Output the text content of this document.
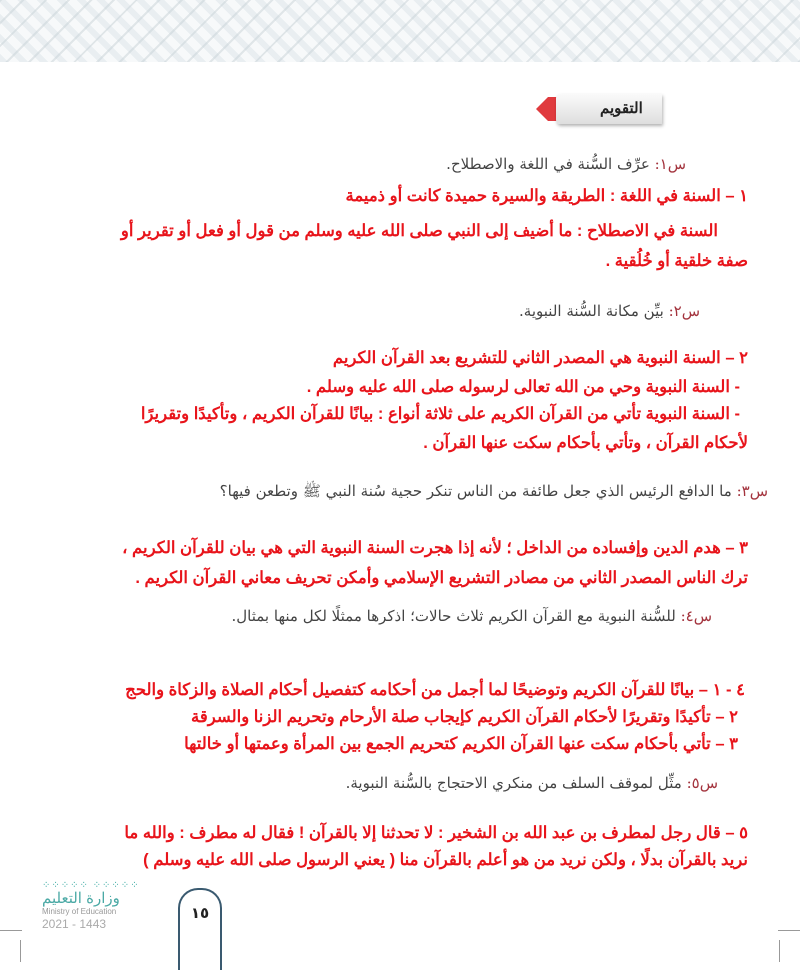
التقويم
س١: عرِّف السُّنة في اللغة والاصطلاح.
١ – السنة في اللغة : الطريقة والسيرة حميدة كانت أو ذميمة
السنة في الاصطلاح : ما أضيف إلى النبي صلى الله عليه وسلم من قول أو فعل أو تقرير أو
صفة خلقية أو خُلُقية .
س٢: بيِّن مكانة السُّنة النبوية.
٢ – السنة النبوية هي المصدر الثاني للتشريع بعد القرآن الكريم
- السنة النبوية وحي من الله تعالى لرسوله صلى الله عليه وسلم .
- السنة النبوية تأتي من القرآن الكريم على ثلاثة أنواع : بيانًا للقرآن الكريم ، وتأكيدًا وتقريرًا
لأحكام القرآن ، وتأتي بأحكام سكت عنها القرآن .
س٣: ما الدافع الرئيس الذي جعل طائفة من الناس تنكر حجية سُنة النبي ﷺ وتطعن فيها؟
٣ – هدم الدين وإفساده من الداخل ؛ لأنه إذا هجرت السنة النبوية التي هي بيان للقرآن الكريم ،
ترك الناس المصدر الثاني من مصادر التشريع الإسلامي وأمكن تحريف معاني القرآن الكريم .
س٤: للسُّنة النبوية مع القرآن الكريم ثلاث حالات؛ اذكرها ممثلًا لكل منها بمثال.
٤ - ١ – بيانًا للقرآن الكريم وتوضيحًا لما أجمل من أحكامه كتفصيل أحكام الصلاة والزكاة والحج
٢ – تأكيدًا وتقريرًا لأحكام القرآن الكريم كإيجاب صلة الأرحام وتحريم الزنا والسرقة
٣ – تأتي بأحكام سكت عنها القرآن الكريم كتحريم الجمع بين المرأة وعمتها أو خالتها
س٥: مثِّل لموقف السلف من منكري الاحتجاج بالسُّنة النبوية.
٥ – قال رجل لمطرف بن عبد الله بن الشخير : لا تحدثنا إلا بالقرآن ! فقال له مطرف : والله ما
نريد بالقرآن بدلًا ، ولكن نريد من هو أعلم بالقرآن منا ( يعني الرسول صلى الله عليه وسلم )
⁘⁘⁘⁘⁘ ⁘⁘⁘⁘⁘
وزارة التعليم
Ministry of Education
2021 - 1443
١٥
